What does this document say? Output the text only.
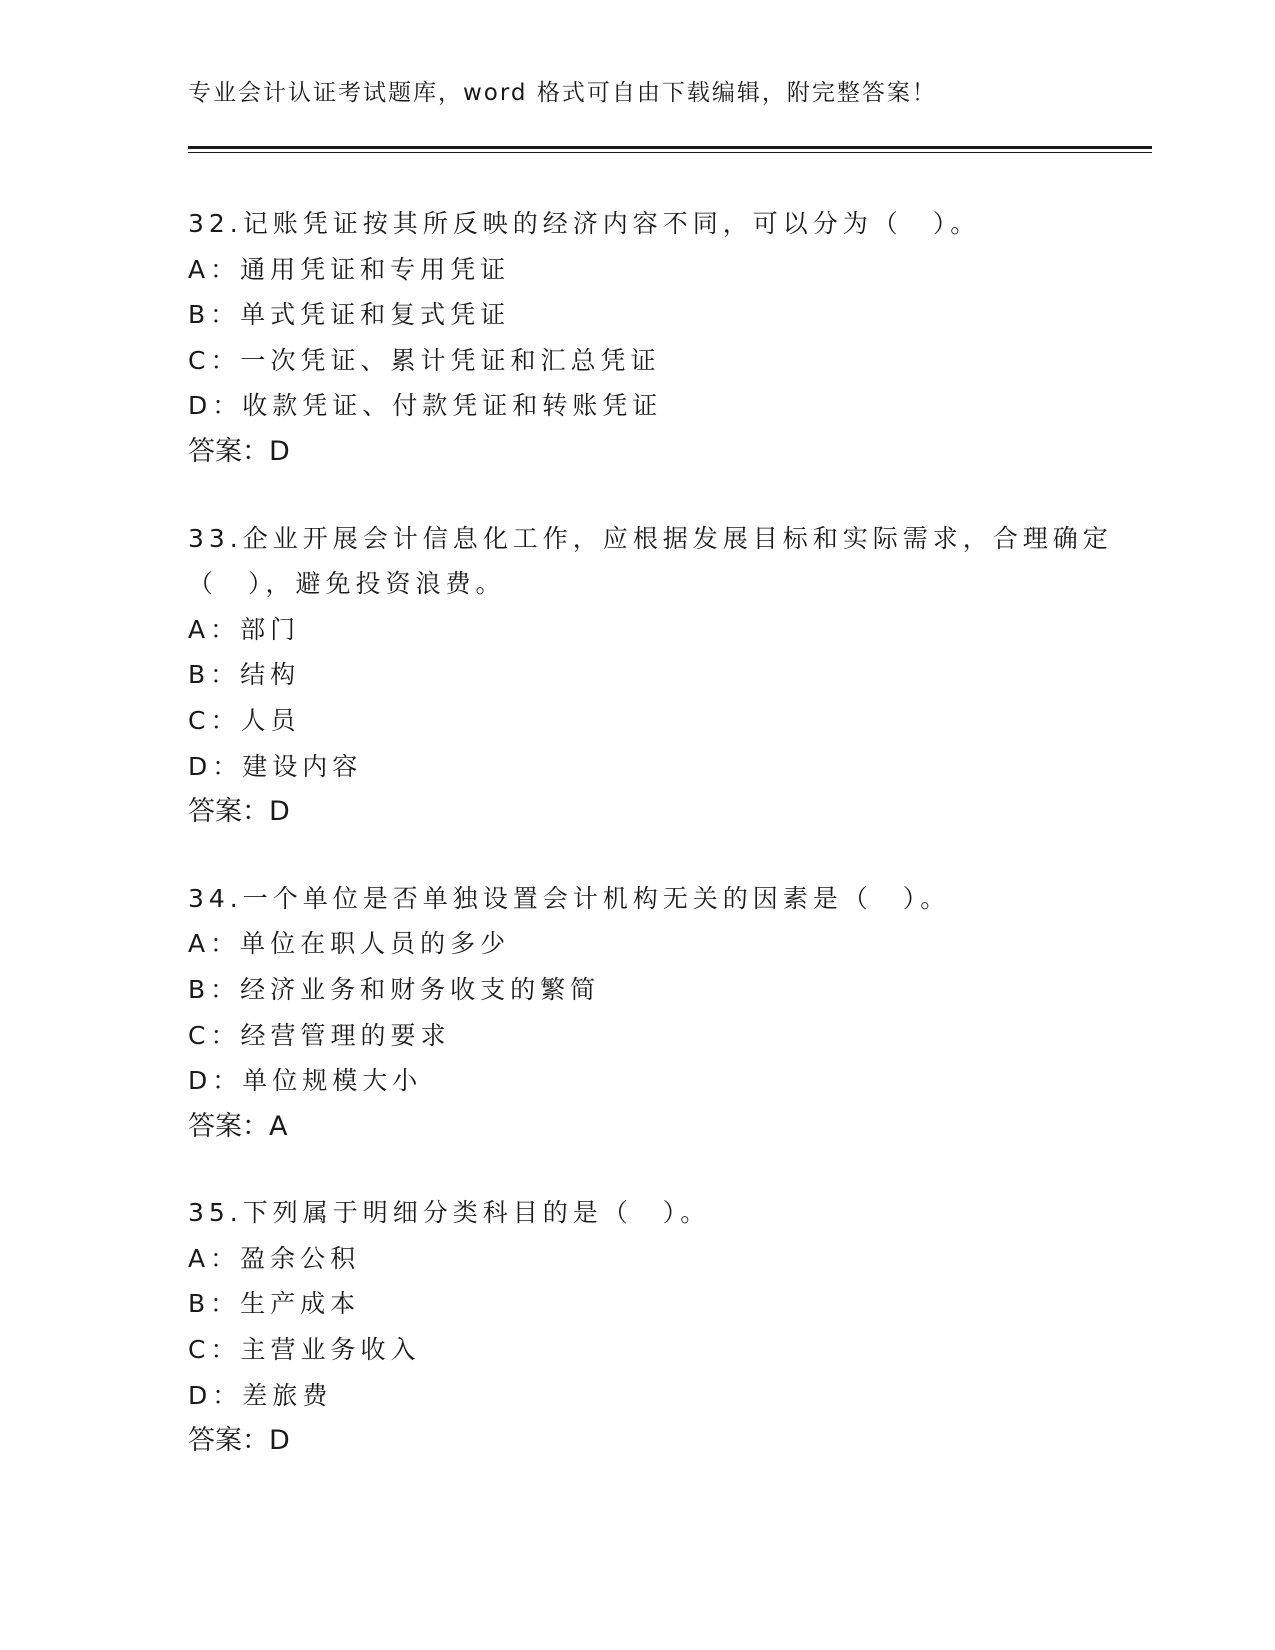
专业会计认证考试题库，word 格式可自由下载编辑，附完整答案！
32.记账凭证按其所反映的经济内容不同，可以分为（　）。
A：通用凭证和专用凭证
B：单式凭证和复式凭证
C：一次凭证、累计凭证和汇总凭证
D：收款凭证、付款凭证和转账凭证
答案：D
33.企业开展会计信息化工作，应根据发展目标和实际需求，合理确定
（　），避免投资浪费。
A：部门
B：结构
C：人员
D：建设内容
答案：D
34.一个单位是否单独设置会计机构无关的因素是（　）。
A：单位在职人员的多少
B：经济业务和财务收支的繁简
C：经营管理的要求
D：单位规模大小
答案：A
35.下列属于明细分类科目的是（　）。
A：盈余公积
B：生产成本
C：主营业务收入
D：差旅费
答案：D
